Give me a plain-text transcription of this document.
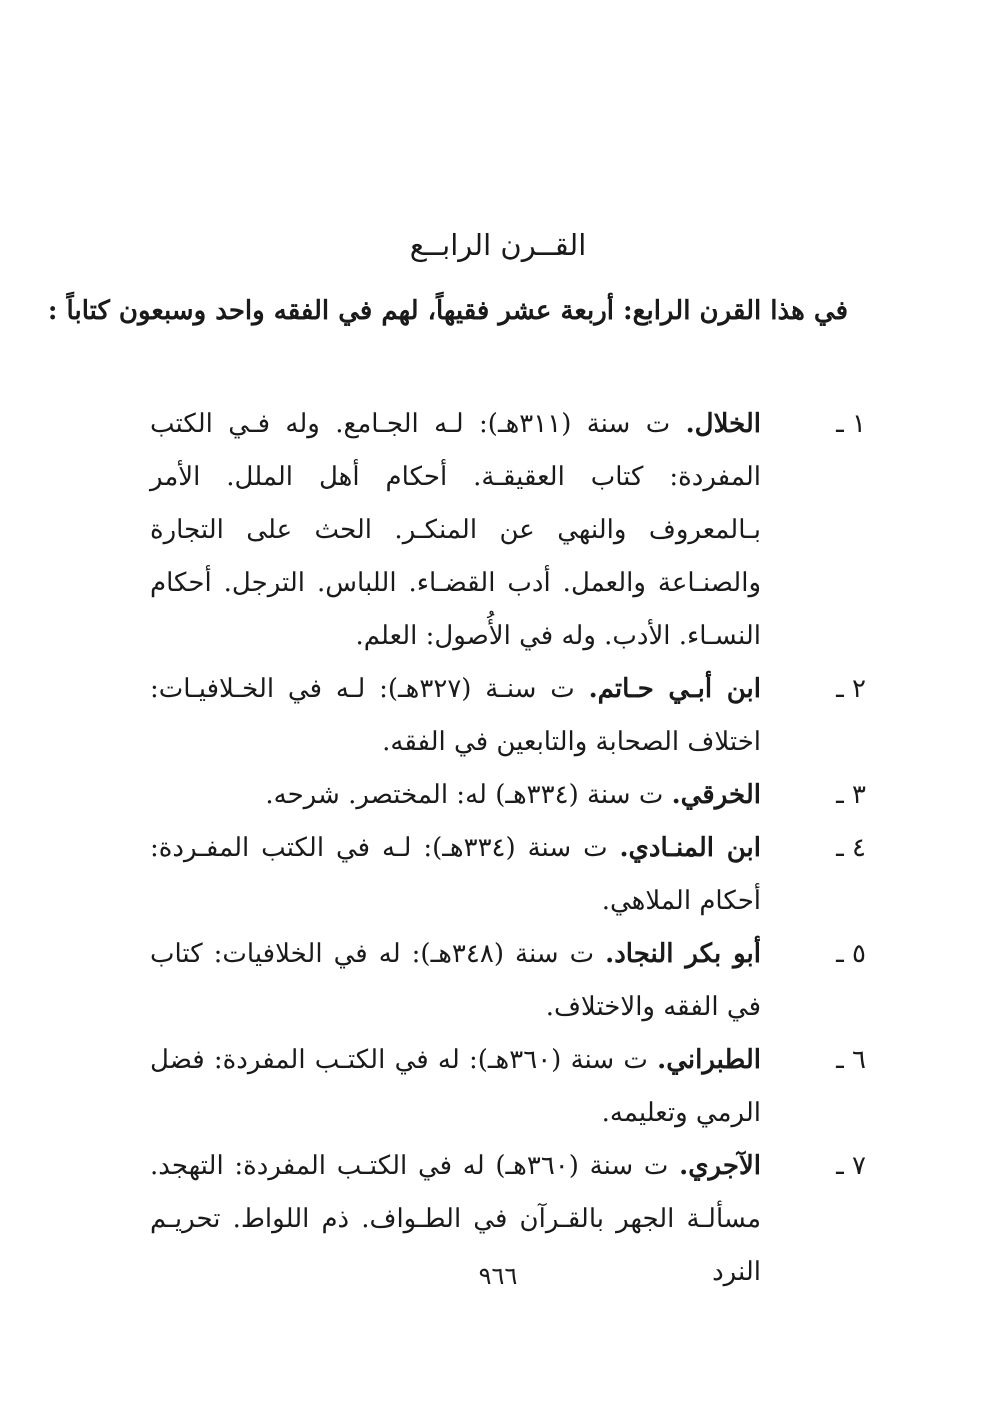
القــرن الرابــع
في هذا القرن الرابع: أربعة عشر فقيهاً، لهم في الفقه واحد وسبعون كتاباً :
١ ـ
الخلال. ت سنة (٣١١هـ): لـه الجـامع. وله فـي الكتب المفردة: كتاب العقيقـة. أحكام أهل الملل. الأمر بـالمعروف والنهي عن المنكـر. الحث على التجارة والصنـاعة والعمل. أدب القضـاء. اللباس. الترجل. أحكام النسـاء. الأدب. وله في الأُصول: العلم.
٢ ـ
ابن أبـي حـاتم. ت سنـة (٣٢٧هـ): لـه في الخـلافيـات: اختلاف الصحابة والتابعين في الفقه.
٣ ـ
الخرقي. ت سنة (٣٣٤هـ) له: المختصر. شرحه.
٤ ـ
ابن المنـادي. ت سنة (٣٣٤هـ): لـه في الكتب المفـردة: أحكام الملاهي.
٥ ـ
أبو بكر النجاد. ت سنة (٣٤٨هـ): له في الخلافيات: كتاب في الفقه والاختلاف.
٦ ـ
الطبراني. ت سنة (٣٦٠هـ): له في الكتـب المفردة: فضل الرمي وتعليمه.
٧ ـ
الآجري. ت سنة (٣٦٠هـ) له في الكتـب المفردة: التهجد. مسألـة الجهر بالقـرآن في الطـواف. ذم اللواط. تحريـم النرد
٩٦٦
